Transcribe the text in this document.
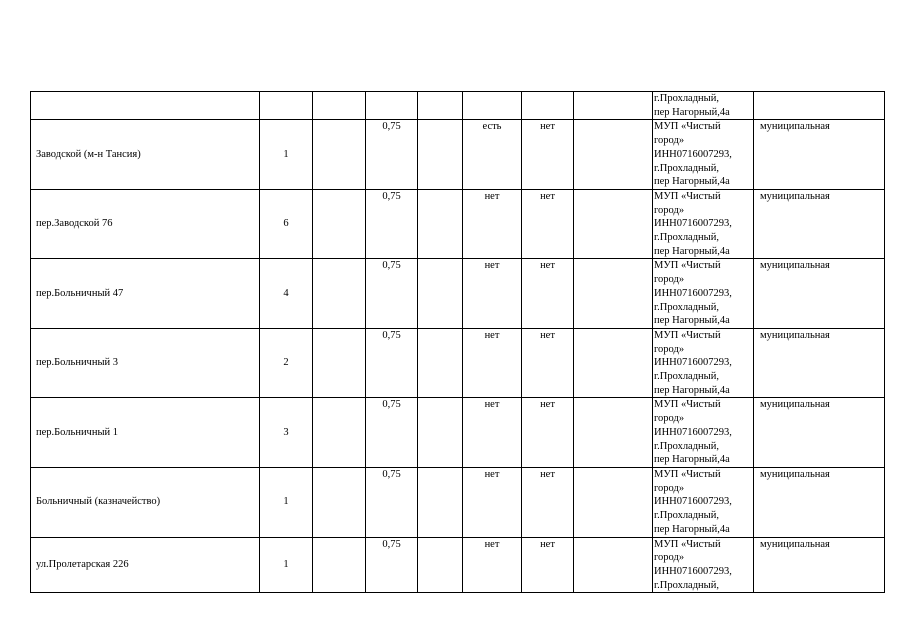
								г.Прохладный,
пер Нагорный,4а	
Заводской (м-н Тансия)	1		0,75		есть	нет		МУП «Чистый
город»
ИНН0716007293,
г.Прохладный,
пер Нагорный,4а	муниципальная
пер.Заводской 76	6		0,75		нет	нет		МУП «Чистый
город»
ИНН0716007293,
г.Прохладный,
пер Нагорный,4а	муниципальная
пер.Больничный 47	4		0,75		нет	нет		МУП «Чистый
город»
ИНН0716007293,
г.Прохладный,
пер Нагорный,4а	муниципальная
пер.Больничный 3	2		0,75		нет	нет		МУП «Чистый
город»
ИНН0716007293,
г.Прохладный,
пер Нагорный,4а	муниципальная
пер.Больничный 1	3		0,75		нет	нет		МУП «Чистый
город»
ИНН0716007293,
г.Прохладный,
пер Нагорный,4а	муниципальная
Больничный (казначейство)	1		0,75		нет	нет		МУП «Чистый
город»
ИНН0716007293,
г.Прохладный,
пер Нагорный,4а	муниципальная
ул.Пролетарская 226	1		0,75		нет	нет		МУП «Чистый
город»
ИНН0716007293,
г.Прохладный,	муниципальная
